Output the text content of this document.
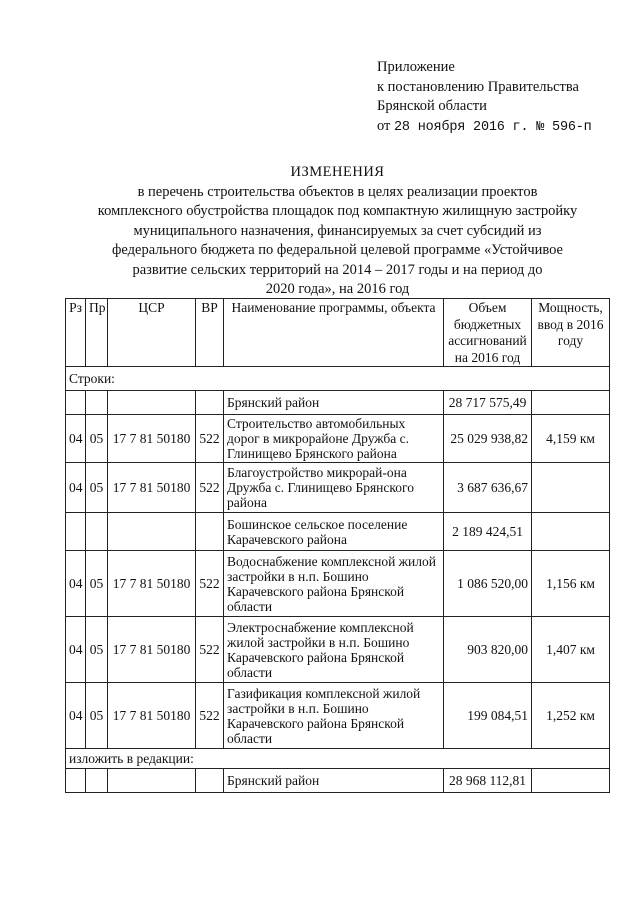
Приложение
к постановлению Правительства
Брянской области
от 28 ноября 2016 г. № 596-п
ИЗМЕНЕНИЯ
в перечень строительства объектов в целях реализации проектов
комплексного обустройства площадок под компактную жилищную застройку
муниципального назначения, финансируемых за счет субсидий из
федерального бюджета по федеральной целевой программе «Устойчивое
развитие сельских территорий на 2014 – 2017 годы и на период до
2020 года», на 2016 год
Рз	Пр	ЦСР	ВР	Наименование программы, объекта	Объем бюджетных ассигнований на 2016 год	Мощность, ввод в 2016 году
Строки:						
				Брянский район	28 717 575,49	
04	05	17 7 81 50180	522	Строительство автомобильных дорог в микрорайоне Дружба с. Глинищево Брянского района	25 029 938,82	4,159 км
04	05	17 7 81 50180	522	Благоустройство микрорай-она Дружба с. Глинищево Брянского района	3 687 636,67	
				Бошинское сельское поселение Карачевского района	2 189 424,51	
04	05	17 7 81 50180	522	Водоснабжение комплексной жилой застройки в н.п. Бошино Карачевского района Брянской области	1 086 520,00	1,156 км
04	05	17 7 81 50180	522	Электроснабжение комплексной жилой застройки в н.п. Бошино Карачевского района Брянской области	903 820,00	1,407 км
04	05	17 7 81 50180	522	Газификация комплексной жилой застройки в н.п. Бошино Карачевского района Брянской области	199 084,51	1,252 км
изложить в редакции:						
				Брянский район	28 968 112,81	
